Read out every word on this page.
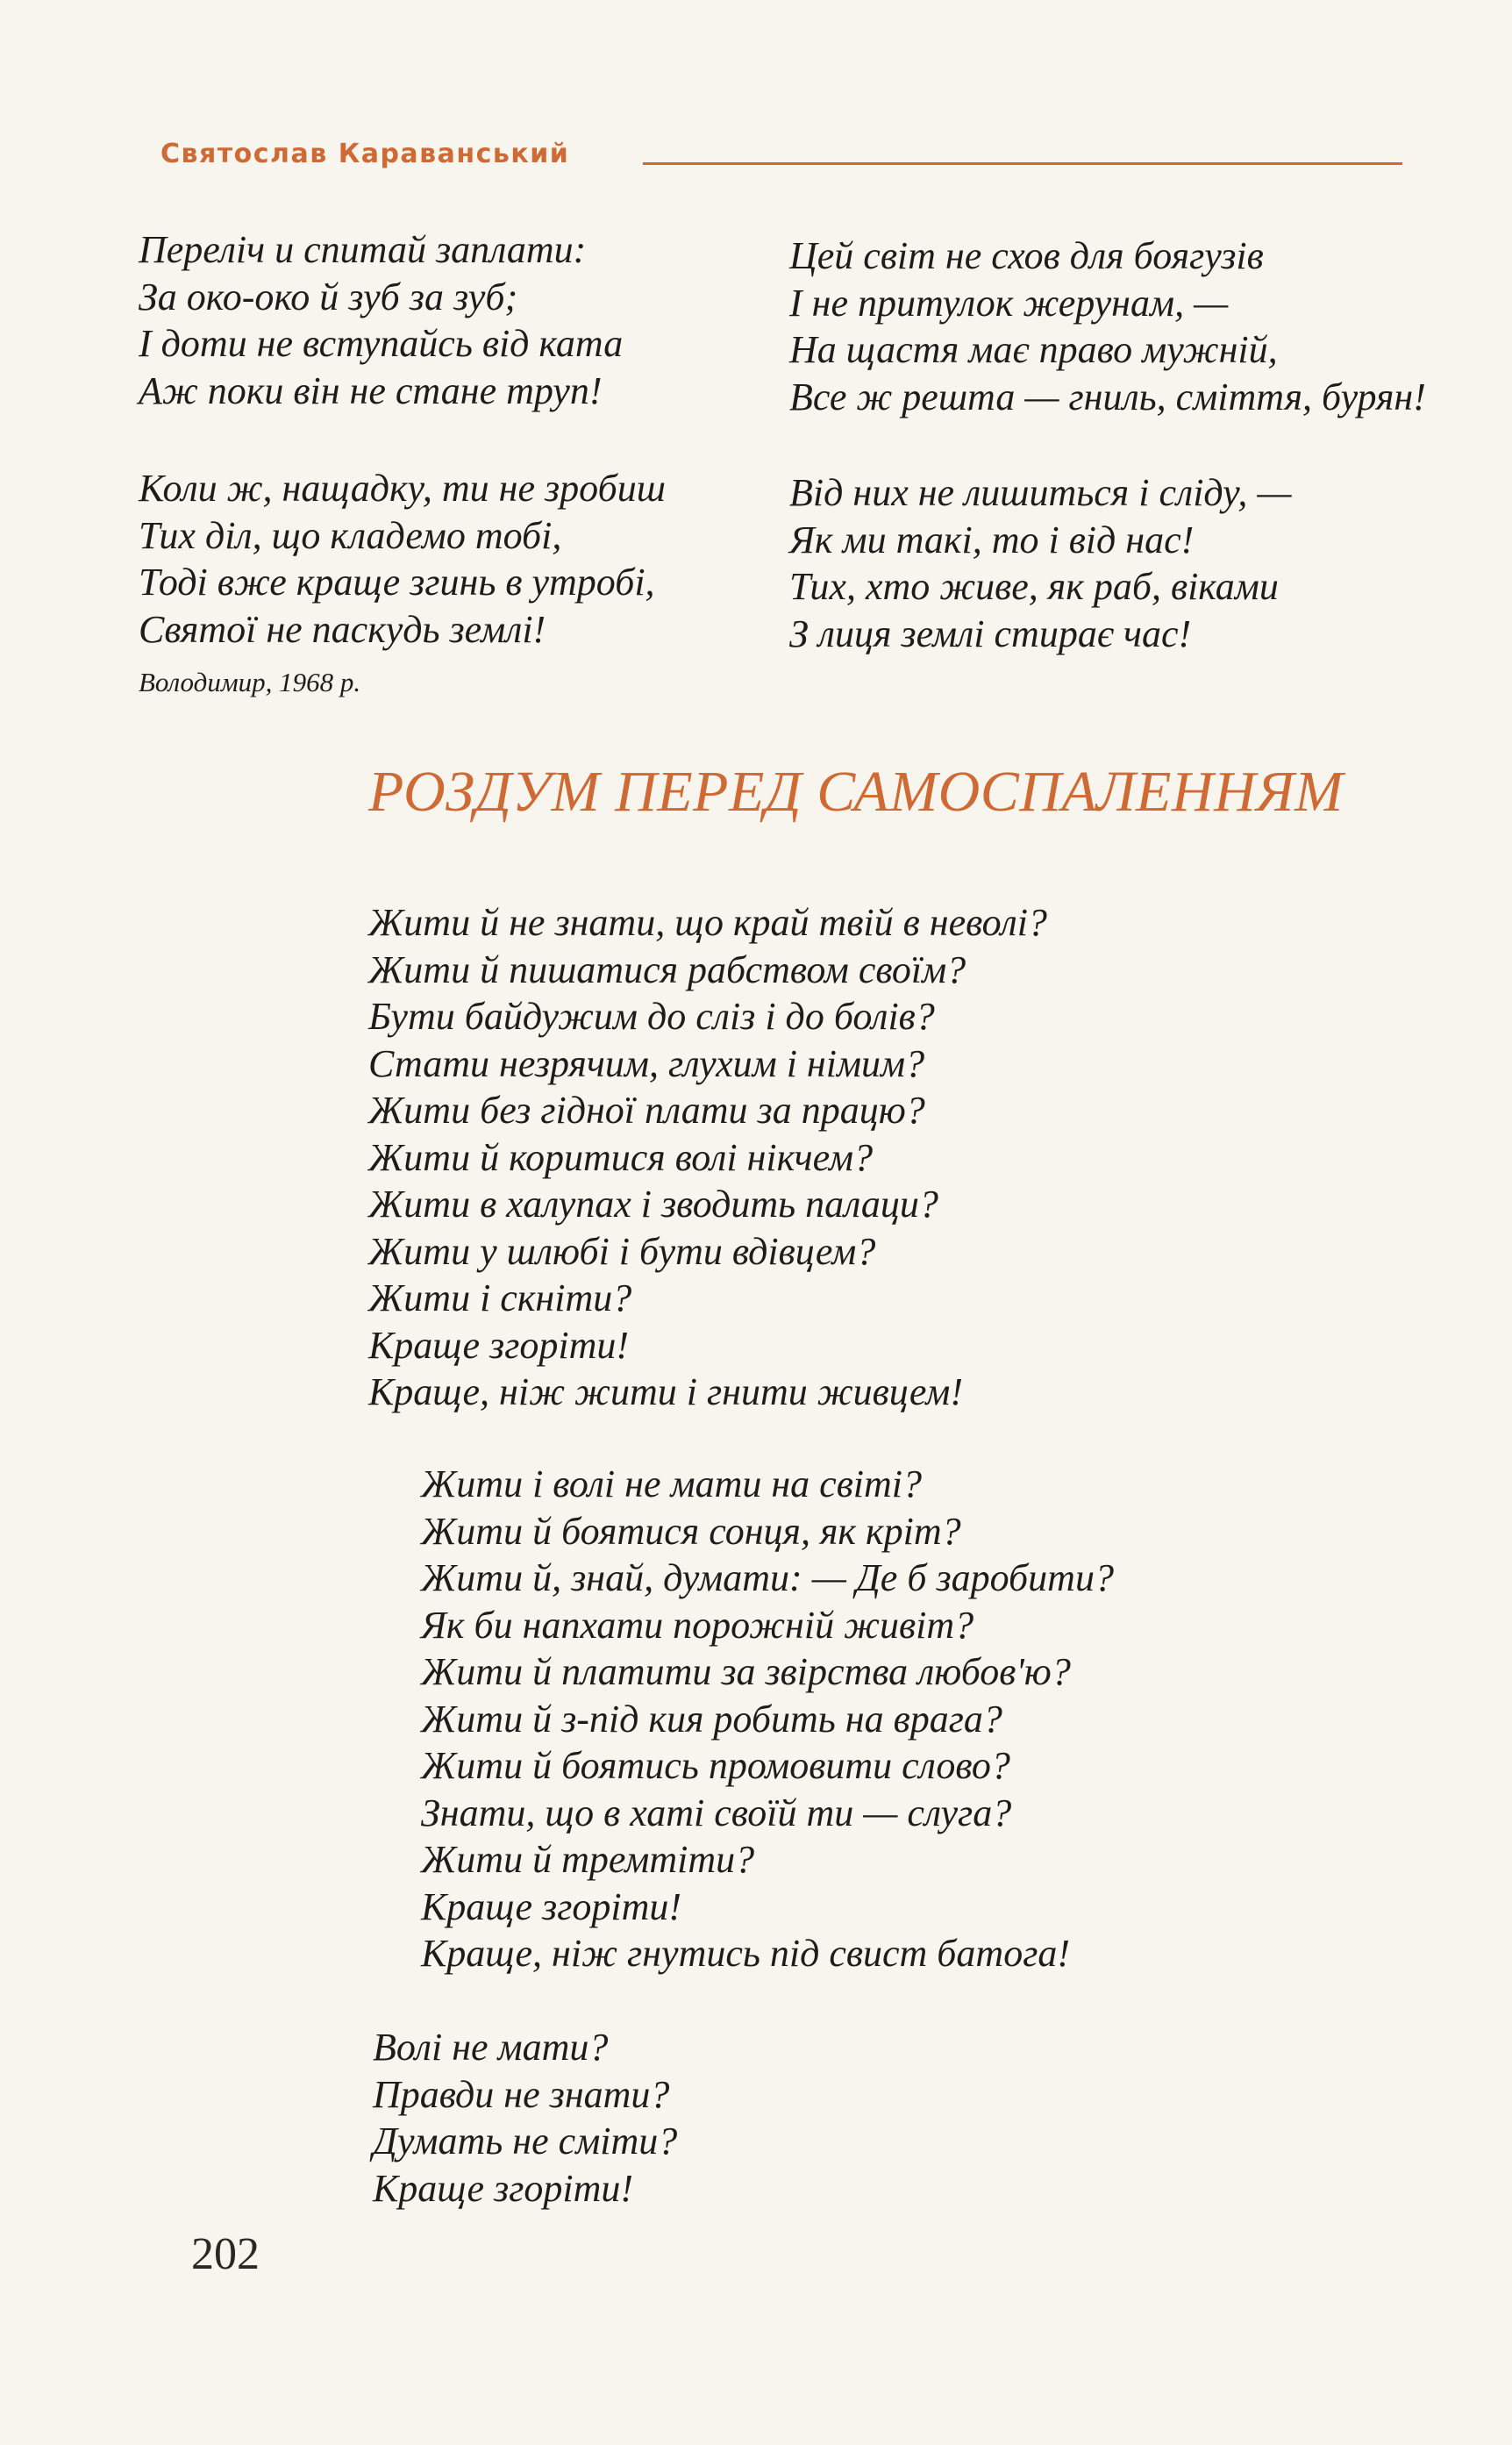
Святослав Караванський
Переліч и спитай заплати:
За око-око й зуб за зуб;
І доти не вступайсь від ката
Аж поки він не стане труп!
Коли ж, нащадку, ти не зробиш
Тих діл, що кладемо тобі,
Тоді вже краще згинь в утробі,
Святої не паскудь землі!
Володимир, 1968 р.
Цей світ не схов для боягузів
І не притулок жерунам, —
На щастя має право мужній,
Все ж решта — гниль, сміття, бурян!
Від них не лишиться і сліду, —
Як ми такі, то і від нас!
Тих, хто живе, як раб, віками
З лиця землі стирає час!
РОЗДУМ ПЕРЕД САМОСПАЛЕННЯМ
Жити й не знати, що край твій в неволі?
Жити й пишатися рабством своїм?
Бути байдужим до сліз і до болів?
Стати незрячим, глухим і німим?
Жити без гідної плати за працю?
Жити й коритися волі нікчем?
Жити в халупах і зводить палаци?
Жити у шлюбі і бути вдівцем?
Жити і скніти?
Краще згоріти!
Краще, ніж жити і гнити живцем!
Жити і волі не мати на світі?
Жити й боятися сонця, як кріт?
Жити й, знай, думати: — Де б заробити?
Як би напхати порожній живіт?
Жити й платити за звірства любов'ю?
Жити й з-під кия робить на врага?
Жити й боятись промовити слово?
Знати, що в хаті своїй ти — слуга?
Жити й тремтіти?
Краще згоріти!
Краще, ніж гнутись під свист батога!
Волі не мати?
Правди не знати?
Думать не сміти?
Краще згоріти!
202
